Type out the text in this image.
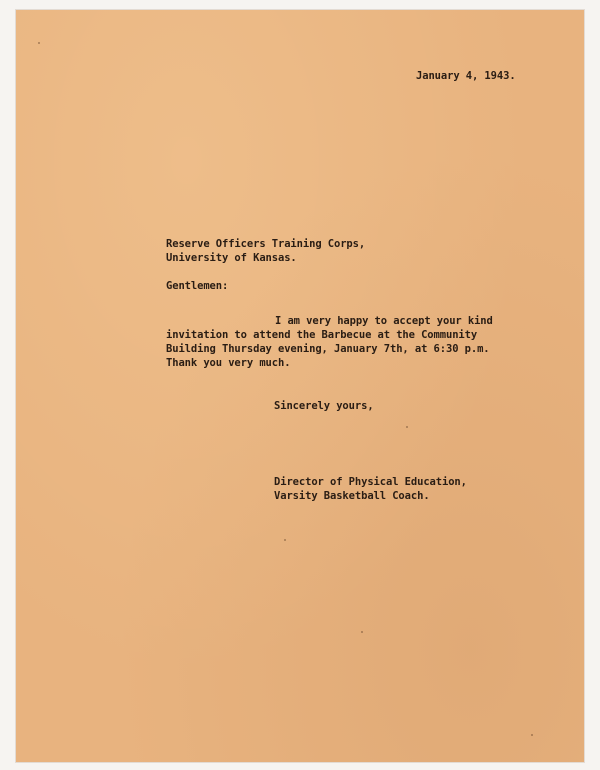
January 4, 1943.

Reserve Officers Training Corps,

University of Kansas.

Gentlemen:

I am very happy to accept your kind

invitation to attend the Barbecue at the Community

Building Thursday evening, January 7th, at 6:30 p.m.

Thank you very much.

Sincerely yours,

Director of Physical Education,

Varsity Basketball Coach.
